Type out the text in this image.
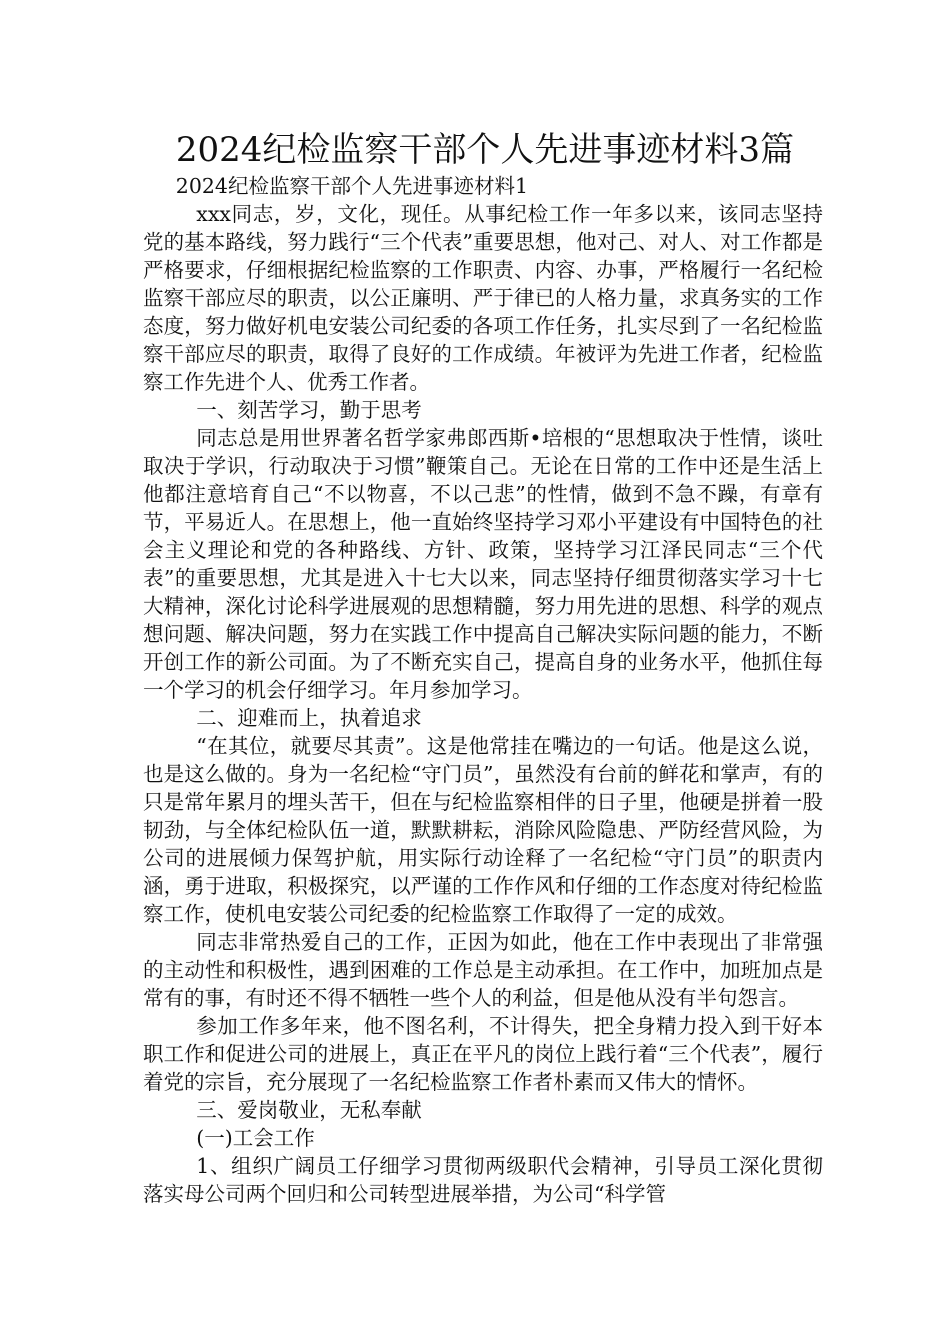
2024纪检监察干部个人先进事迹材料3篇

2024纪检监察干部个人先进事迹材料1

xxx同志，岁，文化，现任。从事纪检工作一年多以来，该同志坚持党的基本路线，努力践行“三个代表”重要思想，他对己、对人、对工作都是严格要求，仔细根据纪检监察的工作职责、内容、办事，严格履行一名纪检监察干部应尽的职责，以公正廉明、严于律已的人格力量，求真务实的工作态度，努力做好机电安装公司纪委的各项工作任务，扎实尽到了一名纪检监察干部应尽的职责，取得了良好的工作成绩。年被评为先进工作者，纪检监察工作先进个人、优秀工作者。

一、刻苦学习，勤于思考

同志总是用世界著名哲学家弗郎西斯•培根的“思想取决于性情，谈吐取决于学识，行动取决于习惯”鞭策自己。无论在日常的工作中还是生活上他都注意培育自己“不以物喜，不以己悲”的性情，做到不急不躁，有章有节，平易近人。在思想上，他一直始终坚持学习邓小平建设有中国特色的社会主义理论和党的各种路线、方针、政策，坚持学习江泽民同志“三个代表”的重要思想，尤其是进入十七大以来，同志坚持仔细贯彻落实学习十七大精神，深化讨论科学进展观的思想精髓，努力用先进的思想、科学的观点想问题、解决问题，努力在实践工作中提高自己解决实际问题的能力，不断开创工作的新公司面。为了不断充实自己，提高自身的业务水平，他抓住每一个学习的机会仔细学习。年月参加学习。

二、迎难而上，执着追求

“在其位，就要尽其责”。这是他常挂在嘴边的一句话。他是这么说，也是这么做的。身为一名纪检“守门员”，虽然没有台前的鲜花和掌声，有的只是常年累月的埋头苦干，但在与纪检监察相伴的日子里，他硬是拼着一股韧劲，与全体纪检队伍一道，默默耕耘，消除风险隐患、严防经营风险，为公司的进展倾力保驾护航，用实际行动诠释了一名纪检“守门员”的职责内涵，勇于进取，积极探究，以严谨的工作作风和仔细的工作态度对待纪检监察工作，使机电安装公司纪委的纪检监察工作取得了一定的成效。

同志非常热爱自己的工作，正因为如此，他在工作中表现出了非常强的主动性和积极性，遇到困难的工作总是主动承担。在工作中，加班加点是常有的事，有时还不得不牺牲一些个人的利益，但是他从没有半句怨言。

参加工作多年来，他不图名利，不计得失，把全身精力投入到干好本职工作和促进公司的进展上，真正在平凡的岗位上践行着“三个代表”，履行着党的宗旨，充分展现了一名纪检监察工作者朴素而又伟大的情怀。

三、爱岗敬业，无私奉献

(一)工会工作

1、组织广阔员工仔细学习贯彻两级职代会精神，引导员工深化贯彻落实母公司两个回归和公司转型进展举措，为公司“科学管
